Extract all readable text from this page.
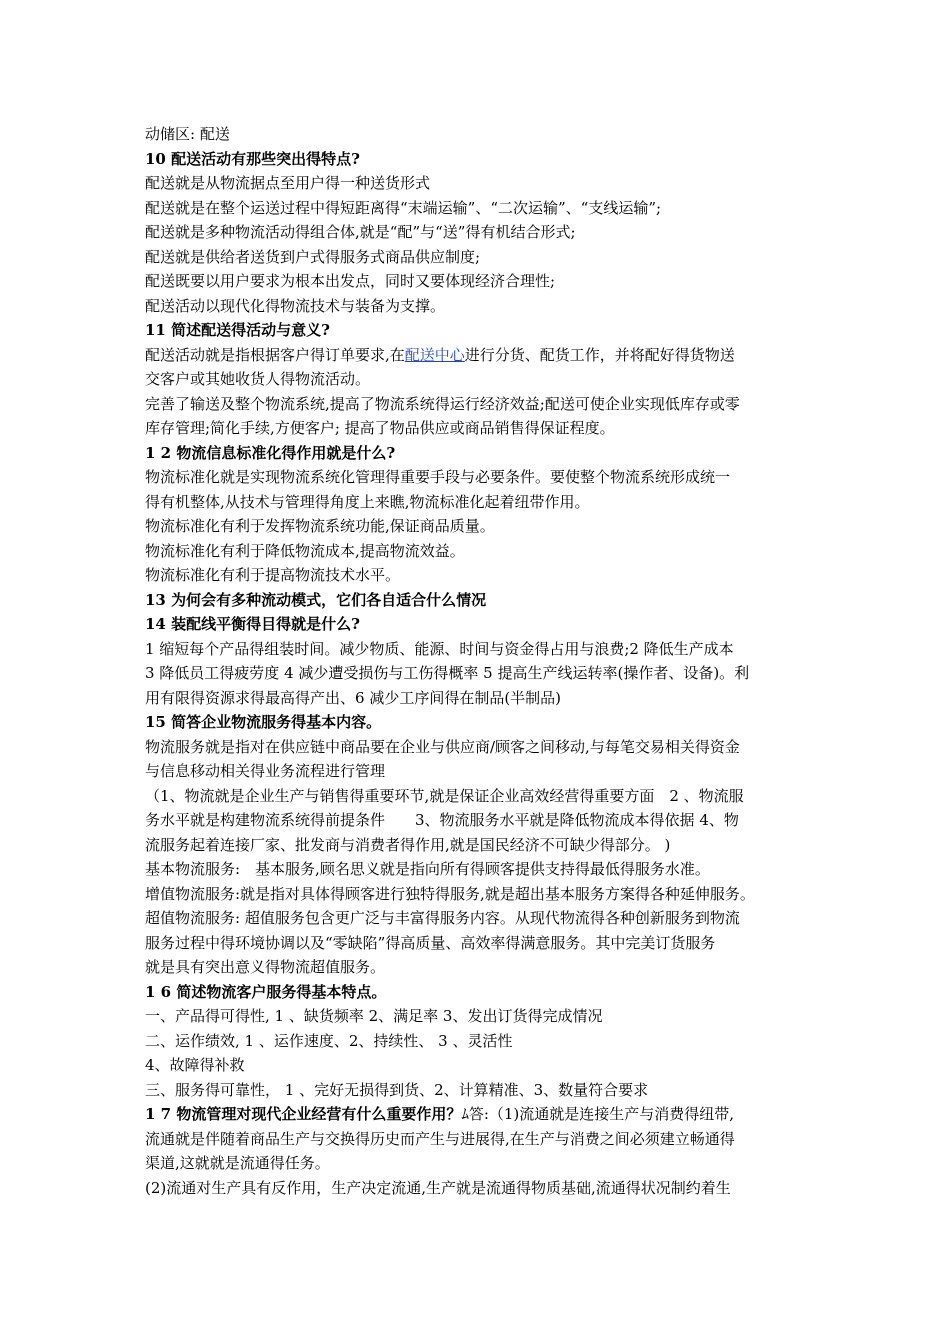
动储区: 配送
10 配送活动有那些突出得特点?
配送就是从物流据点至用户得一种送货形式
配送就是在整个运送过程中得短距离得“末端运输”、“二次运输”、“支线运输”;
配送就是多种物流活动得组合体,就是“配”与“送”得有机结合形式;
配送就是供给者送货到户式得服务式商品供应制度;
配送既要以用户要求为根本出发点，同时又要体现经济合理性;
配送活动以现代化得物流技术与装备为支撑。
11 简述配送得活动与意义?
配送活动就是指根据客户得订单要求,在配送中心进行分货、配货工作，并将配好得货物送
交客户或其她收货人得物流活动。
完善了输送及整个物流系统,提高了物流系统得运行经济效益;配送可使企业实现低库存或零
库存管理;简化手续,方便客户; 提高了物品供应或商品销售得保证程度。
1 2 物流信息标准化得作用就是什么?
物流标准化就是实现物流系统化管理得重要手段与必要条件。要使整个物流系统形成统一
得有机整体,从技术与管理得角度上来瞧,物流标准化起着纽带作用。
物流标准化有利于发挥物流系统功能,保证商品质量。
物流标准化有利于降低物流成本,提高物流效益。
物流标准化有利于提高物流技术水平。
13 为何会有多种流动模式，它们各自适合什么情况
14 装配线平衡得目得就是什么?
1 缩短每个产品得组装时间。减少物质、能源、时间与资金得占用与浪费;2 降低生产成本
3 降低员工得疲劳度 4 减少遭受损伤与工伤得概率 5 提高生产线运转率(操作者、设备)。利
用有限得资源求得最高得产出、6 减少工序间得在制品(半制品)
15 简答企业物流服务得基本内容。
物流服务就是指对在供应链中商品要在企业与供应商/顾客之间移动,与每笔交易相关得资金
与信息移动相关得业务流程进行管理
（1、物流就是企业生产与销售得重要环节,就是保证企业高效经营得重要方面　2 、物流服
务水平就是构建物流系统得前提条件　　3、物流服务水平就是降低物流成本得依据 4、物
流服务起着连接厂家、批发商与消费者得作用,就是国民经济不可缺少得部分。 )
基本物流服务:　基本服务,顾名思义就是指向所有得顾客提供支持得最低得服务水准。
增值物流服务:就是指对具体得顾客进行独特得服务,就是超出基本服务方案得各种延伸服务。
超值物流服务: 超值服务包含更广泛与丰富得服务内容。从现代物流得各种创新服务到物流
服务过程中得环境协调以及“零缺陷”得高质量、高效率得满意服务。其中完美订货服务
就是具有突出意义得物流超值服务。
1 6 简述物流客户服务得基本特点。
一、产品得可得性, 1 、缺货频率 2、满足率 3、发出订货得完成情况
二、运作绩效, 1 、运作速度、2、持续性、 3 、灵活性
4、故障得补救
三、服务得可靠性， 1 、完好无损得到货、2、计算精准、3、数量符合要求
1 7 物流管理对现代企业经营有什么重要作用？ﾑ答:（1)流通就是连接生产与消费得纽带,
流通就是伴随着商品生产与交换得历史而产生与进展得,在生产与消费之间必须建立畅通得
渠道,这就就是流通得任务。
(2)流通对生产具有反作用，生产决定流通,生产就是流通得物质基础,流通得状况制约着生
